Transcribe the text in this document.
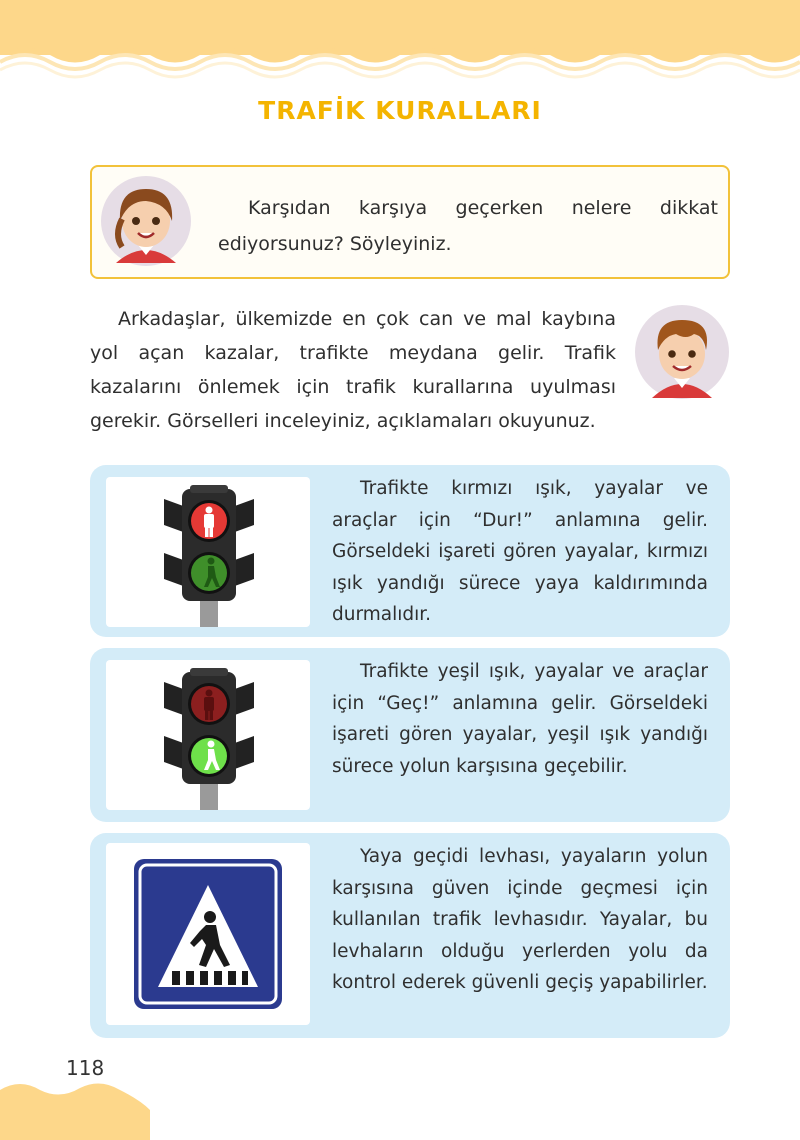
TRAFİK KURALLARI
Karşıdan karşıya geçerken nelere dikkat ediyorsunuz? Söyleyiniz.
Arkadaşlar, ülkemizde en çok can ve mal kaybına yol açan kazalar, trafikte meydana gelir. Trafik kazalarını önlemek için trafik kurallarına uyulması gerekir. Görselleri inceleyiniz, açıklamaları okuyunuz.
Trafikte kırmızı ışık, yayalar ve araçlar için “Dur!” anlamına gelir. Görseldeki işareti gören yayalar, kırmızı ışık yandığı sürece yaya kaldırımında durmalıdır.
Trafikte yeşil ışık, yayalar ve araçlar için “Geç!” anlamına gelir. Görseldeki işareti gören yayalar, yeşil ışık yandığı sürece yolun karşısına geçebilir.
Yaya geçidi levhası, yayaların yolun karşısına güven içinde geçmesi için kullanılan trafik levhasıdır. Yayalar, bu levhaların olduğu yerlerden yolu da kontrol ederek güvenli geçiş yapabilirler.
118
